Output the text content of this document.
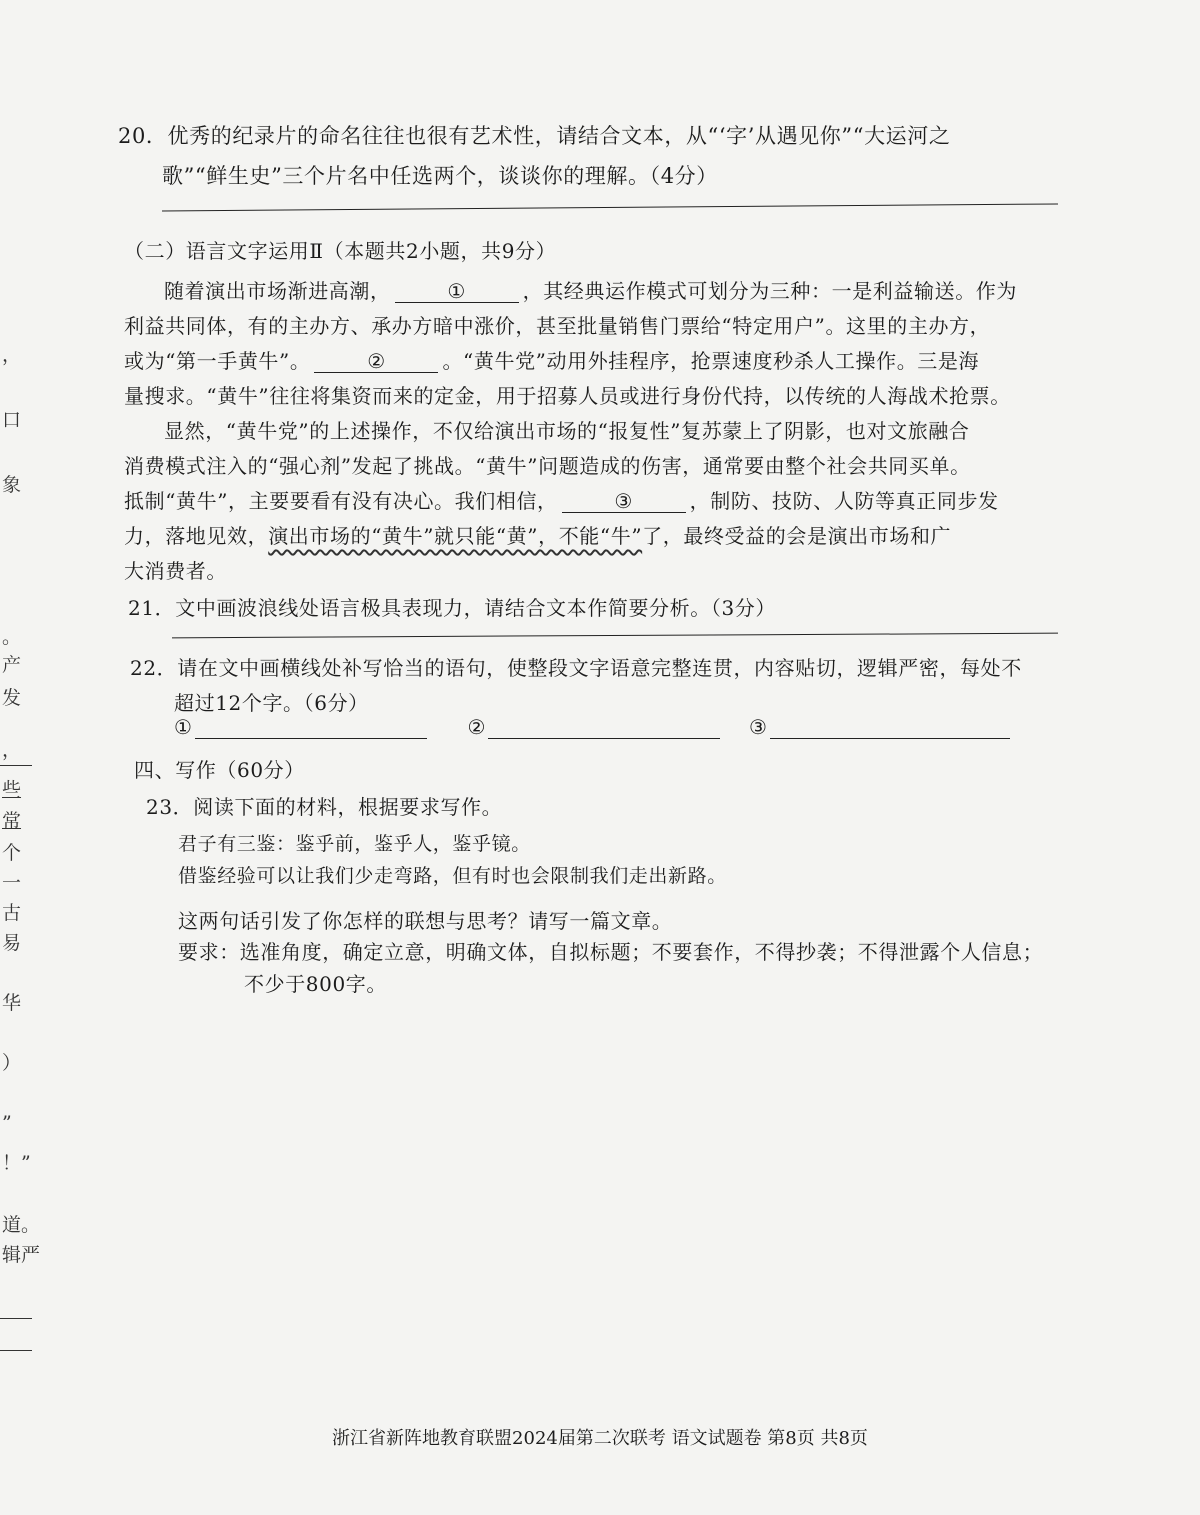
，
口
象
。
产
发
，
些
常
个
一
古
易
华
）
”
！”
道。
辑严
20．优秀的纪录片的命名往往也很有艺术性，请结合文本，从“‘字’从遇见你”“大运河之
歌”“鲜生史”三个片名中任选两个，谈谈你的理解。（4分）
（二）语言文字运用Ⅱ（本题共2小题，共9分）
随着演出市场渐进高潮，	①	，其经典运作模式可划分为三种：一是利益输送。作为
利益共同体，有的主办方、承办方暗中涨价，甚至批量销售门票给“特定用户”。这里的主办方，
或为“第一手黄牛”。	②	。“黄牛党”动用外挂程序，抢票速度秒杀人工操作。三是海
量搜求。“黄牛”往往将集资而来的定金，用于招募人员或进行身份代持，以传统的人海战术抢票。
显然，“黄牛党”的上述操作，不仅给演出市场的“报复性”复苏蒙上了阴影，也对文旅融合
消费模式注入的“强心剂”发起了挑战。“黄牛”问题造成的伤害，通常要由整个社会共同买单。
抵制“黄牛”，主要要看有没有决心。我们相信，	③	，制防、技防、人防等真正同步发
力，落地见效，演出市场的“黄牛”就只能“黄”，不能“牛”了，最终受益的会是演出市场和广
大消费者。
21．文中画波浪线处语言极具表现力，请结合文本作简要分析。（3分）
22．请在文中画横线处补写恰当的语句，使整段文字语意完整连贯，内容贴切，逻辑严密，每处不
超过12个字。（6分）
①	②	③
四、写作（60分）
23．阅读下面的材料，根据要求写作。
君子有三鉴：鉴乎前，鉴乎人，鉴乎镜。
借鉴经验可以让我们少走弯路，但有时也会限制我们走出新路。
这两句话引发了你怎样的联想与思考？请写一篇文章。
要求：选准角度，确定立意，明确文体，自拟标题；不要套作，不得抄袭；不得泄露个人信息；
不少于800字。
浙江省新阵地教育联盟2024届第二次联考 语文试题卷 第8页 共8页
